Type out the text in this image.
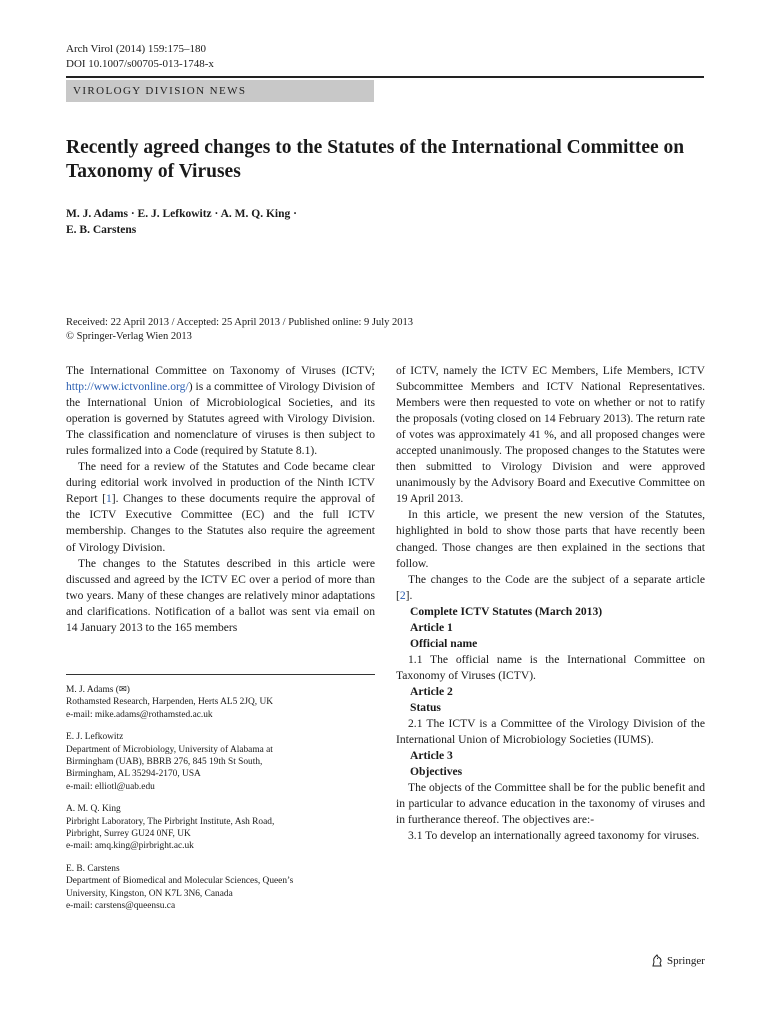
Arch Virol (2014) 159:175–180
DOI 10.1007/s00705-013-1748-x
VIROLOGY DIVISION NEWS
Recently agreed changes to the Statutes of the International Committee on Taxonomy of Viruses
M. J. Adams · E. J. Lefkowitz · A. M. Q. King ·
E. B. Carstens
Received: 22 April 2013 / Accepted: 25 April 2013 / Published online: 9 July 2013
© Springer-Verlag Wien 2013

The International Committee on Taxonomy of Viruses (ICTV; http://www.ictvonline.org/) is a committee of Virology Division of the International Union of Microbiological Societies, and its operation is governed by Statutes agreed with Virology Division. The classification and nomenclature of viruses is then subject to rules formalized into a Code (required by Statute 8.1).

The need for a review of the Statutes and Code became clear during editorial work involved in production of the Ninth ICTV Report [1]. Changes to these documents require the approval of the ICTV Executive Committee (EC) and the full ICTV membership. Changes to the Statutes also require the agreement of Virology Division.

The changes to the Statutes described in this article were discussed and agreed by the ICTV EC over a period of more than two years. Many of these changes are relatively minor adaptations and clarifications. Notification of a ballot was sent via email on 14 January 2013 to the 165 members

M. J. Adams (✉)
Rothamsted Research, Harpenden, Herts AL5 2JQ, UK
e-mail: mike.adams@rothamsted.ac.uk
E. J. Lefkowitz
Department of Microbiology, University of Alabama at
Birmingham (UAB), BBRB 276, 845 19th St South,
Birmingham, AL 35294-2170, USA
e-mail: elliotl@uab.edu
A. M. Q. King
Pirbright Laboratory, The Pirbright Institute, Ash Road,
Pirbright, Surrey GU24 0NF, UK
e-mail: amq.king@pirbright.ac.uk
E. B. Carstens
Department of Biomedical and Molecular Sciences, Queen’s
University, Kingston, ON K7L 3N6, Canada
e-mail: carstens@queensu.ca

of ICTV, namely the ICTV EC Members, Life Members, ICTV Subcommittee Members and ICTV National Representatives. Members were then requested to vote on whether or not to ratify the proposals (voting closed on 14 February 2013). The return rate of votes was approximately 41 %, and all proposed changes were accepted unanimously. The proposed changes to the Statutes were then submitted to Virology Division and were approved unanimously by the Advisory Board and Executive Committee on 19 April 2013.

In this article, we present the new version of the Statutes, highlighted in bold to show those parts that have recently been changed. Those changes are then explained in the sections that follow.

The changes to the Code are the subject of a separate article [2].

Complete ICTV Statutes (March 2013)

Article 1

Official name

1.1 The official name is the International Committee on Taxonomy of Viruses (ICTV).

Article 2

Status

2.1 The ICTV is a Committee of the Virology Division of the International Union of Microbiology Societies (IUMS).

Article 3

Objectives

The objects of the Committee shall be for the public benefit and in particular to advance education in the taxonomy of viruses and in furtherance thereof. The objectives are:-

3.1 To develop an internationally agreed taxonomy for viruses.

Springer
